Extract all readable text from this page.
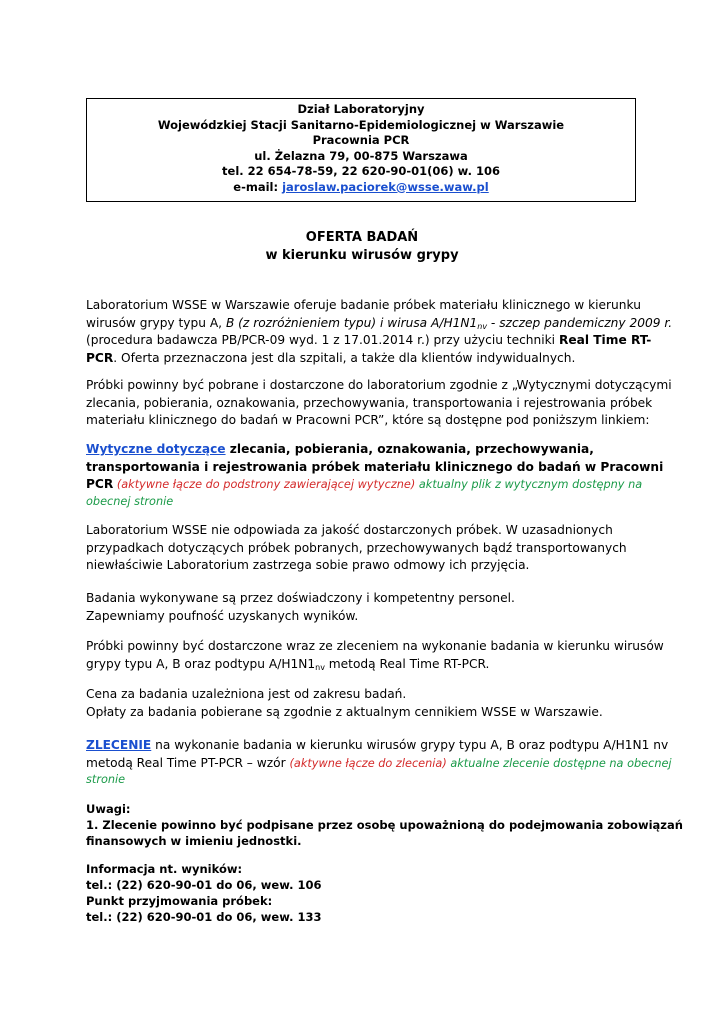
Dział Laboratoryjny
Wojewódzkiej Stacji Sanitarno-Epidemiologicznej w Warszawie
Pracownia PCR
ul. Żelazna 79, 00-875 Warszawa
tel. 22 654-78-59, 22 620-90-01(06) w. 106
e-mail: jaroslaw.paciorek@wsse.waw.pl
OFERTA BADAŃ
w kierunku wirusów grypy
Laboratorium WSSE w Warszawie oferuje badanie próbek materiału klinicznego w kierunku
wirusów grypy typu A, B (z rozróżnieniem typu) i wirusa $A/H1N1_{nv}$ - szczep pandemiczny 2009 r.
(procedura badawcza PB/PCR-09 wyd. 1 z 17.01.2014 r.) przy użyciu techniki Real Time RT-
PCR. Oferta przeznaczona jest dla szpitali, a także dla klientów indywidualnych.
Próbki powinny być pobrane i dostarczone do laboratorium zgodnie z „Wytycznymi dotyczącymi
zlecania, pobierania, oznakowania, przechowywania, transportowania i rejestrowania próbek
materiału klinicznego do badań w Pracowni PCR”, które są dostępne pod poniższym linkiem:
Wytyczne dotyczące zlecania, pobierania, oznakowania, przechowywania,
transportowania i rejestrowania próbek materiału klinicznego do badań w Pracowni
PCR (aktywne łącze do podstrony zawierającej wytyczne) aktualny plik z wytycznym dostępny na
obecnej stronie
Laboratorium WSSE nie odpowiada za jakość dostarczonych próbek. W uzasadnionych
przypadkach dotyczących próbek pobranych, przechowywanych bądź transportowanych
niewłaściwie Laboratorium zastrzega sobie prawo odmowy ich przyjęcia.
Badania wykonywane są przez doświadczony i kompetentny personel.
Zapewniamy poufność uzyskanych wyników.
Próbki powinny być dostarczone wraz ze zleceniem na wykonanie badania w kierunku wirusów
grypy typu A, B oraz podtypu $A/H1N1_{nv}$ metodą Real Time RT-PCR.
Cena za badania uzależniona jest od zakresu badań.
Opłaty za badania pobierane są zgodnie z aktualnym cennikiem WSSE w Warszawie.
ZLECENIE na wykonanie badania w kierunku wirusów grypy typu A, B oraz podtypu A/H1N1 nv
metodą Real Time PT-PCR – wzór (aktywne łącze do zlecenia) aktualne zlecenie dostępne na obecnej
stronie
Uwagi:
1. Zlecenie powinno być podpisane przez osobę upoważnioną do podejmowania zobowiązań
finansowych w imieniu jednostki.
Informacja nt. wyników:
tel.: (22) 620-90-01 do 06, wew. 106
Punkt przyjmowania próbek:
tel.: (22) 620-90-01 do 06, wew. 133
